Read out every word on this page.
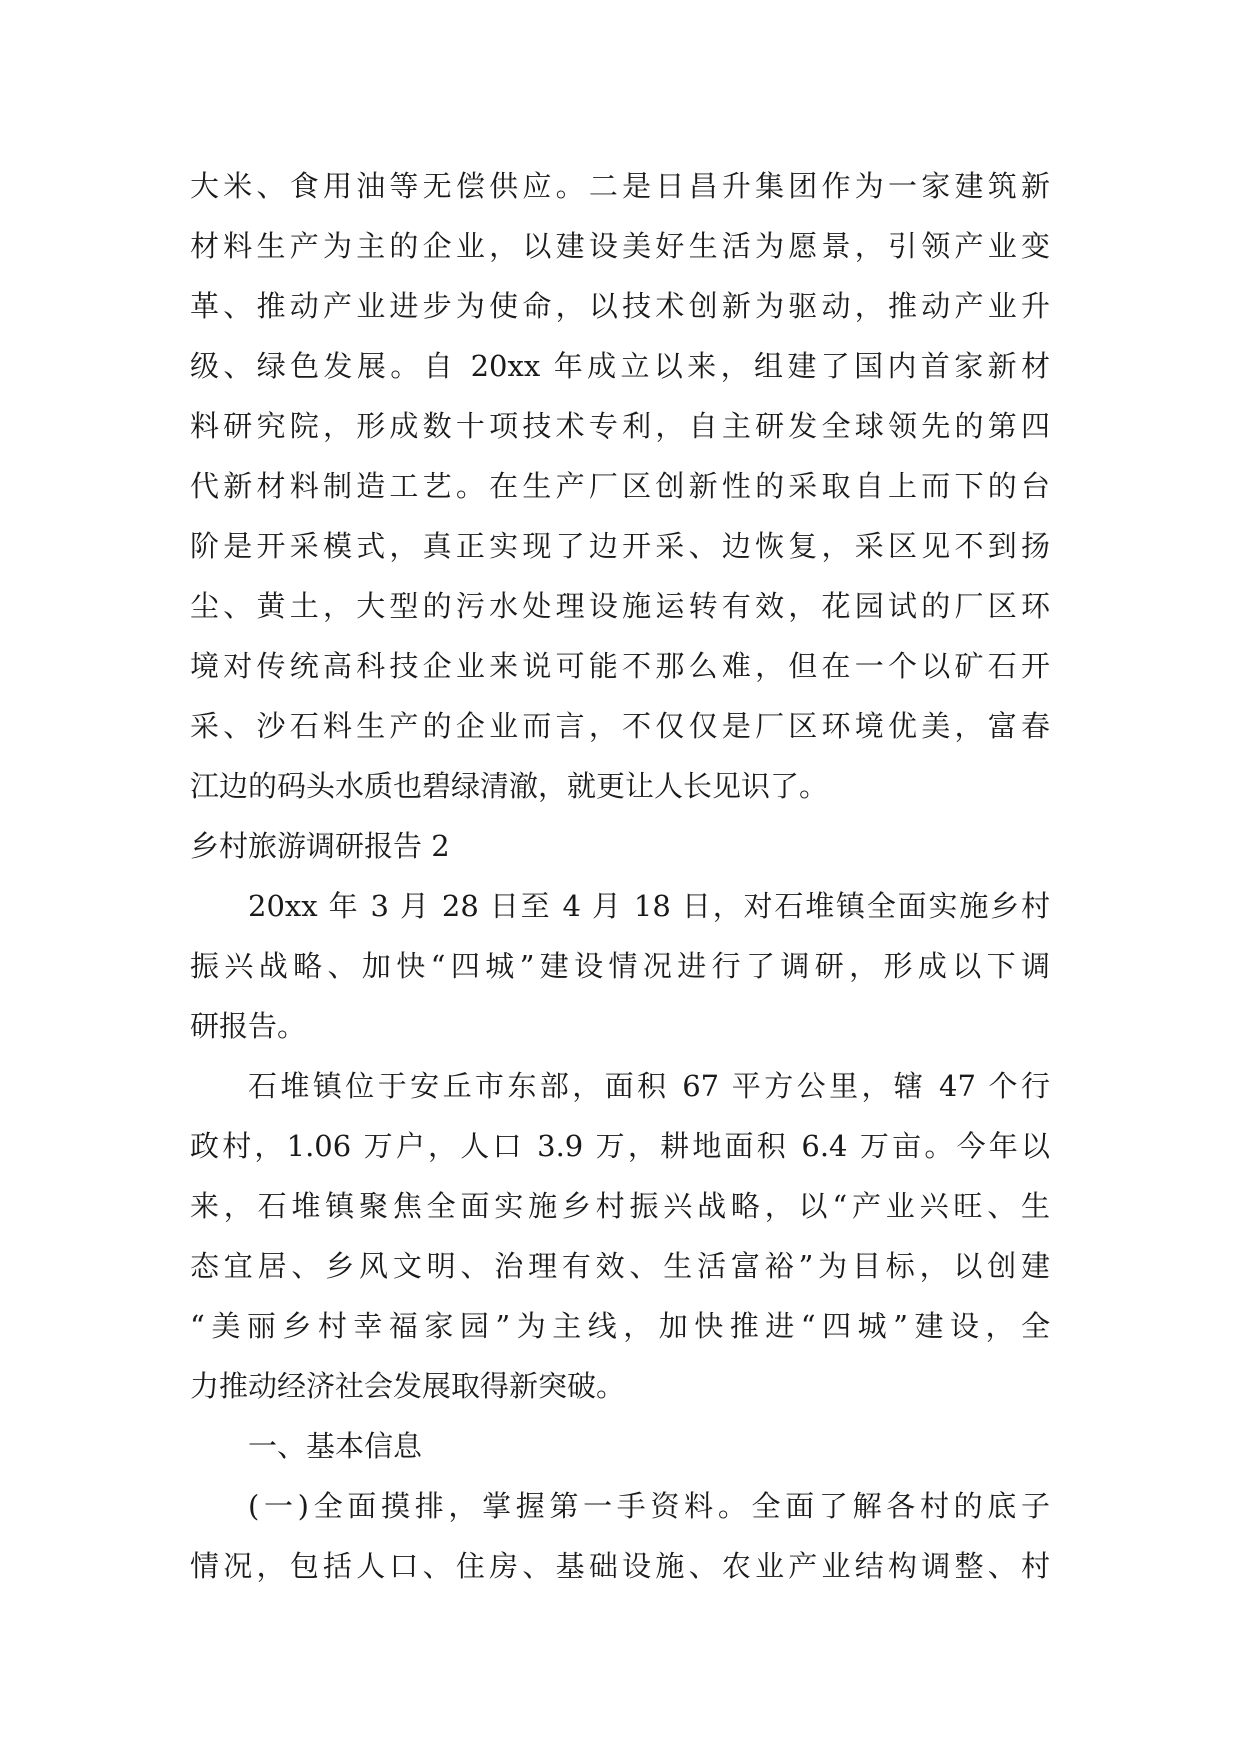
大米、食用油等无偿供应。二是日昌升集团作为一家建筑新
材料生产为主的企业，以建设美好生活为愿景，引领产业变
革、推动产业进步为使命，以技术创新为驱动，推动产业升
级、绿色发展。自 20xx 年成立以来，组建了国内首家新材
料研究院，形成数十项技术专利，自主研发全球领先的第四
代新材料制造工艺。在生产厂区创新性的采取自上而下的台
阶是开采模式，真正实现了边开采、边恢复，采区见不到扬
尘、黄土，大型的污水处理设施运转有效，花园试的厂区环
境对传统高科技企业来说可能不那么难，但在一个以矿石开
采、沙石料生产的企业而言，不仅仅是厂区环境优美，富春
江边的码头水质也碧绿清澈，就更让人长见识了。
乡村旅游调研报告 2
20xx 年 3 月 28 日至 4 月 18 日，对石堆镇全面实施乡村
振兴战略、加快“四城”建设情况进行了调研，形成以下调
研报告。
石堆镇位于安丘市东部，面积 67 平方公里，辖 47 个行
政村，1.06 万户，人口 3.9 万，耕地面积 6.4 万亩。今年以
来，石堆镇聚焦全面实施乡村振兴战略，以“产业兴旺、生
态宜居、乡风文明、治理有效、生活富裕”为目标，以创建
“美丽乡村幸福家园”为主线，加快推进“四城”建设，全
力推动经济社会发展取得新突破。
一、基本信息
(一)全面摸排，掌握第一手资料。全面了解各村的底子
情况，包括人口、住房、基础设施、农业产业结构调整、村
